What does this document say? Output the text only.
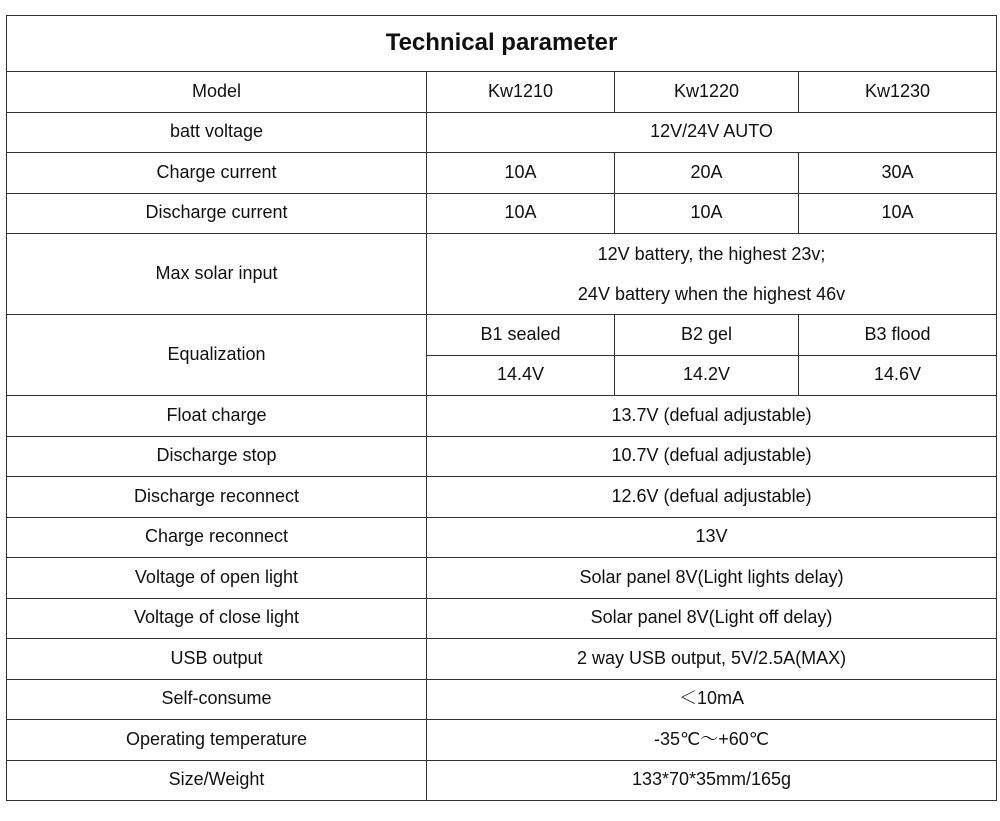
Technical parameter			
Model	Kw1210	Kw1220	Kw1230
batt voltage	12V/24V AUTO		
Charge current	10A	20A	30A
Discharge current	10A	10A	10A
Max solar input	12V battery, the highest 23v;
24V battery when the highest 46v		

Equalization	B1 sealed	B2 gel	B3 flood
	14.4V	14.2V	14.6V
Float charge	13.7V (defual adjustable)		
Discharge stop	10.7V (defual adjustable)		
Discharge reconnect	12.6V (defual adjustable)		
Charge reconnect	13V		
Voltage of open light	Solar panel 8V(Light lights delay)		
Voltage of close light	Solar panel 8V(Light off delay)		
USB output	2 way USB output, 5V/2.5A(MAX)		
Self-consume	＜10mA		
Operating temperature	-35℃～+60℃		
Size/Weight	133*70*35mm/165g		
